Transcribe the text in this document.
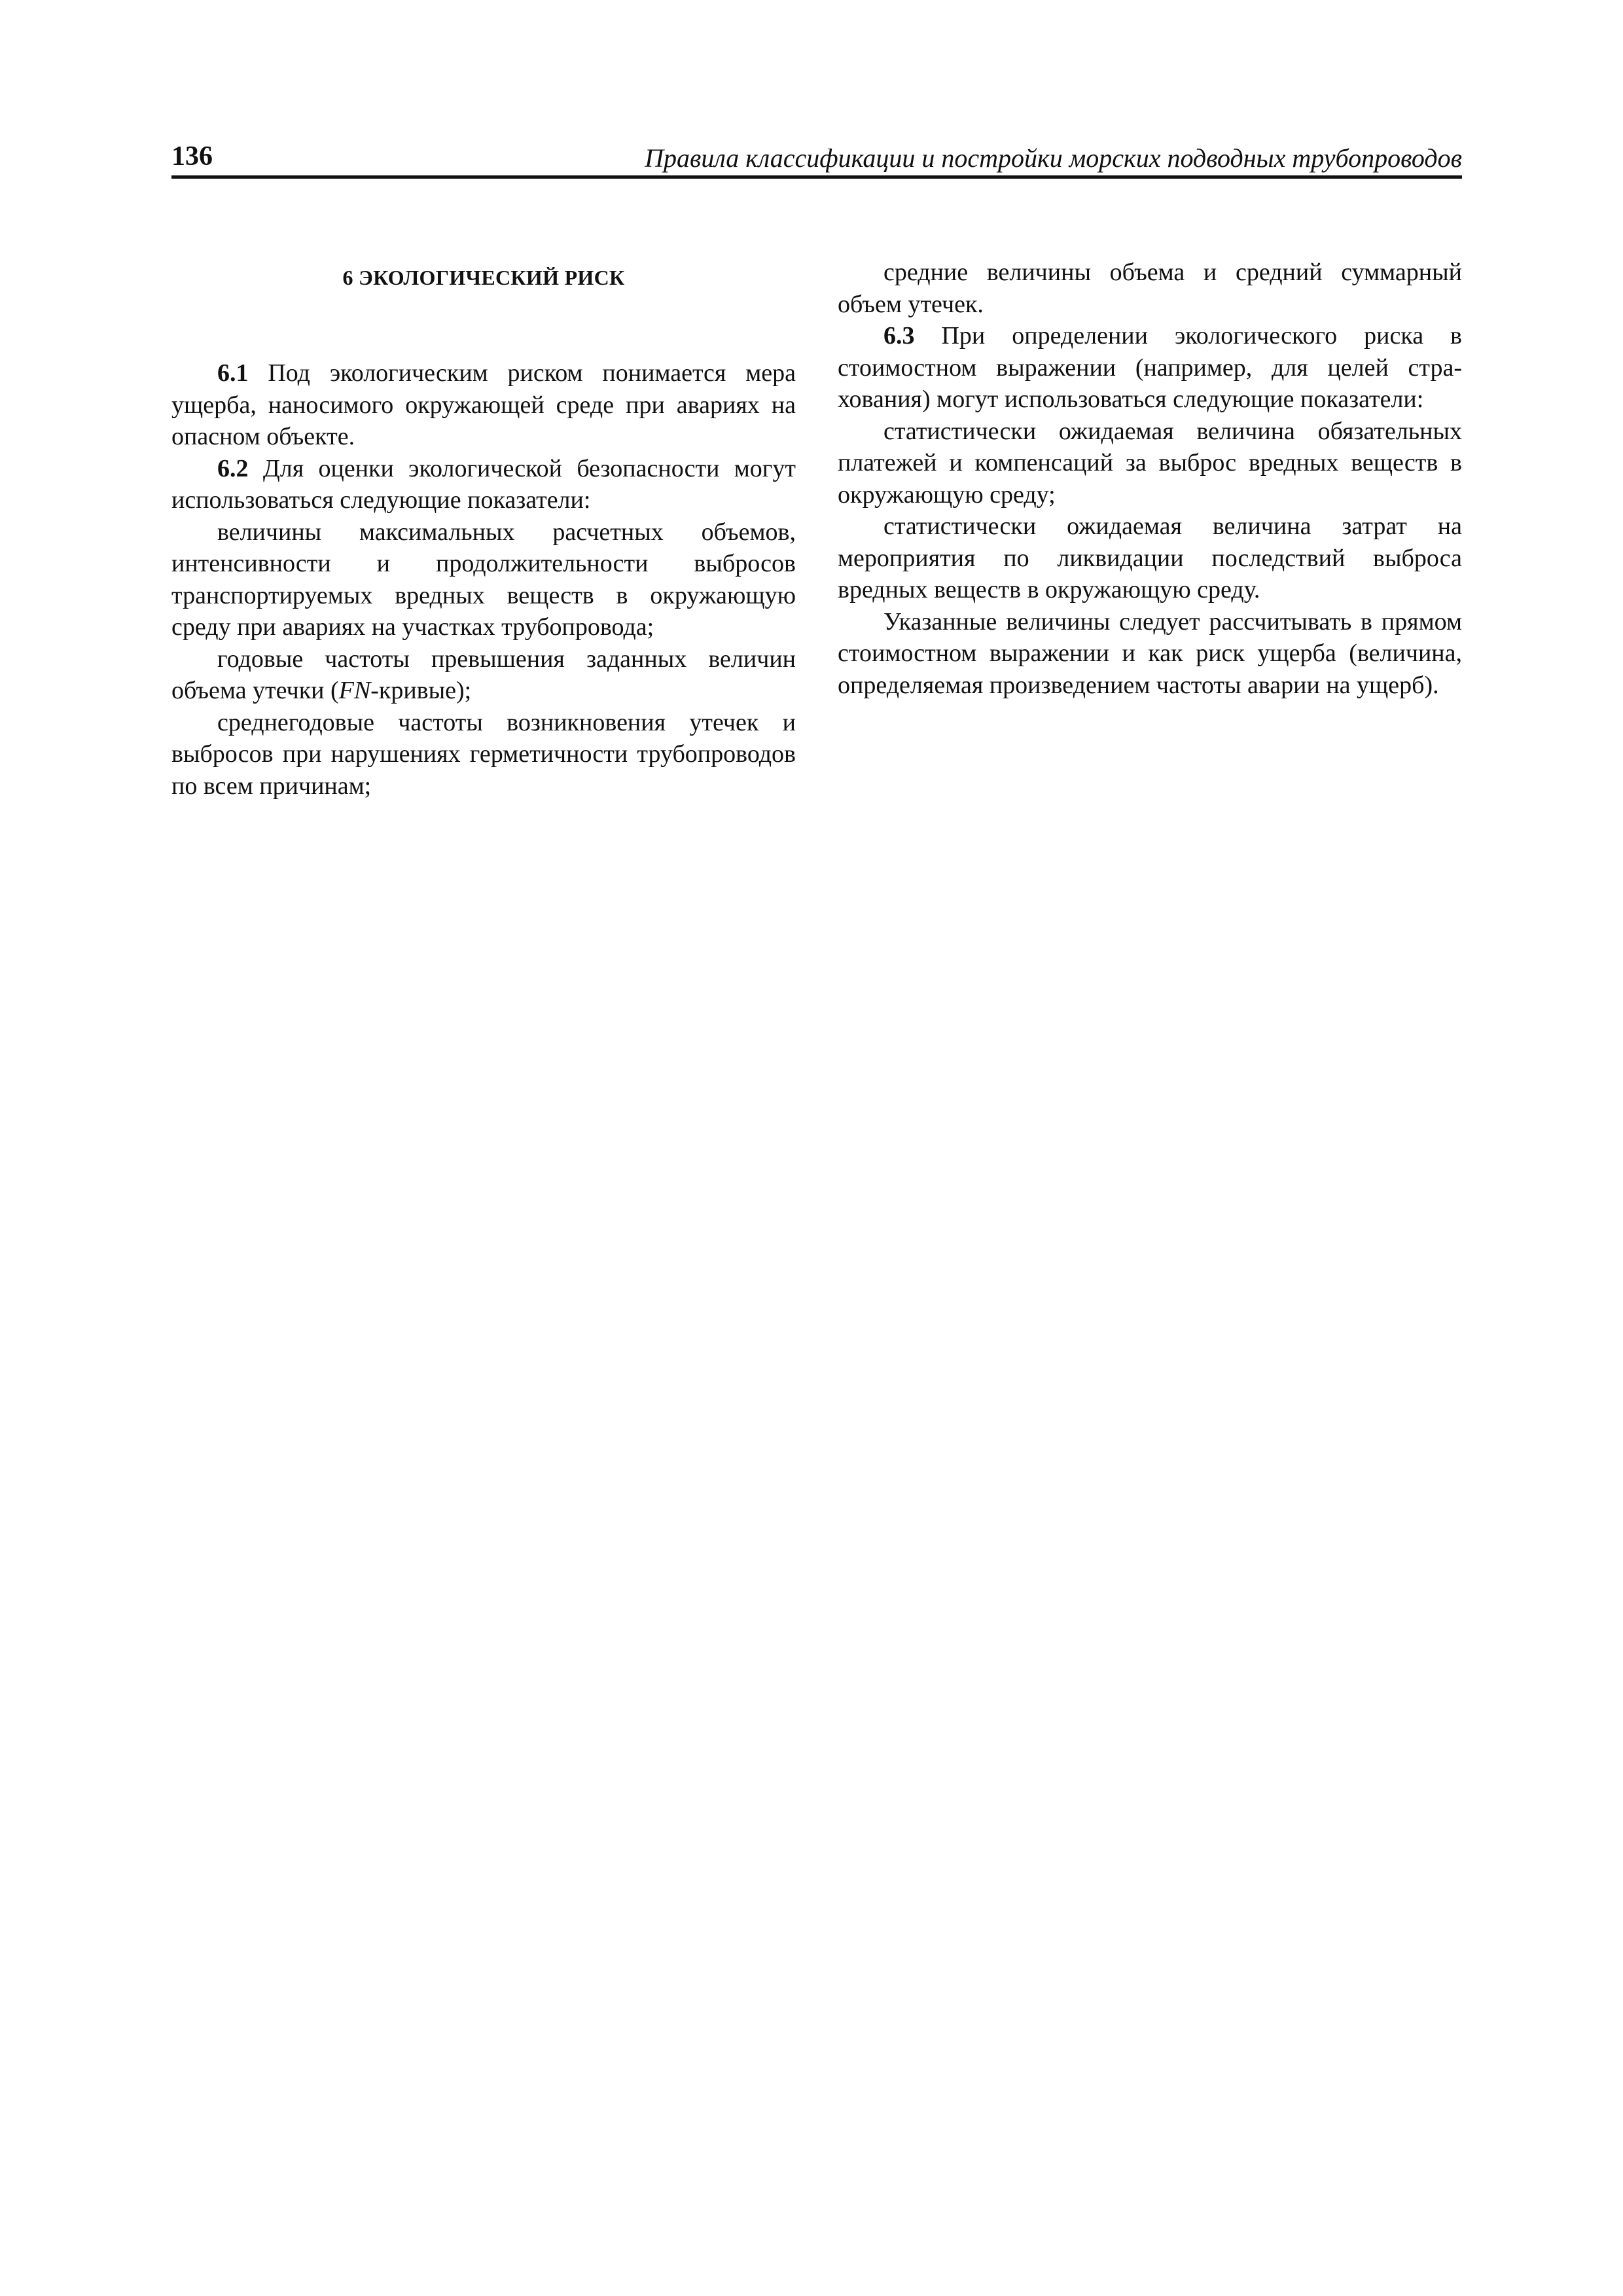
136	Правила классификации и постройки морских подводных трубопроводов
6 ЭКОЛОГИЧЕСКИЙ РИСК

6.1 Под экологическим риском понимается мера ущерба, наносимого окружающей среде при авариях на опасном объекте.

6.2 Для оценки экологической безопасности могут использоваться следующие показатели:

величины максимальных расчетных объемов, интенсивности и продолжительности выбросов транспортируемых вредных веществ в окружающую среду при авариях на участках трубопровода;

годовые частоты превышения заданных величин объема утечки (FN-кривые);

среднегодовые частоты возникновения утечек и выбросов при нарушениях герметичности трубопроводов по всем причинам;

средние величины объема и средний суммарный объем утечек.

6.3 При определении экологического риска в стоимостном выражении (например, для целей страхования) могут использоваться следующие показатели:

статистически ожидаемая величина обязательных платежей и компенсаций за выброс вредных веществ в окружающую среду;

статистически ожидаемая величина затрат на мероприятия по ликвидации последствий выброса вредных веществ в окружающую среду.

Указанные величины следует рассчитывать в прямом стоимостном выражении и как риск ущерба (величина, определяемая произведением частоты аварии на ущерб).
